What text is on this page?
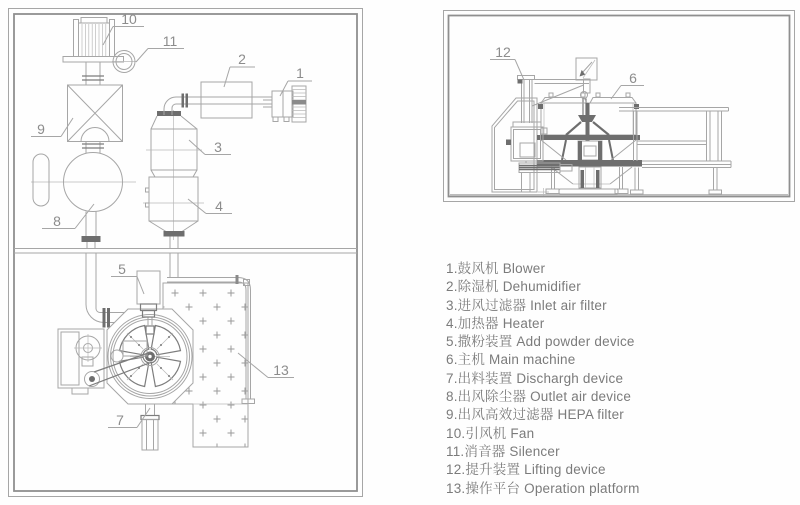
10
11
9
8
2
1
3
4
5
7
13
12
6
1.鼓风机 Blower
2.除湿机 Dehumidifier
3.进风过滤器 Inlet air filter
4.加热器 Heater
5.撒粉装置 Add powder device
6.主机 Main machine
7.出料装置 Dischargh device
8.出风除尘器 Outlet air device
9.出风高效过滤器 HEPA filter
10.引风机 Fan
11.消音器 Silencer
12.提升装置 Lifting device
13.操作平台 Operation platform
